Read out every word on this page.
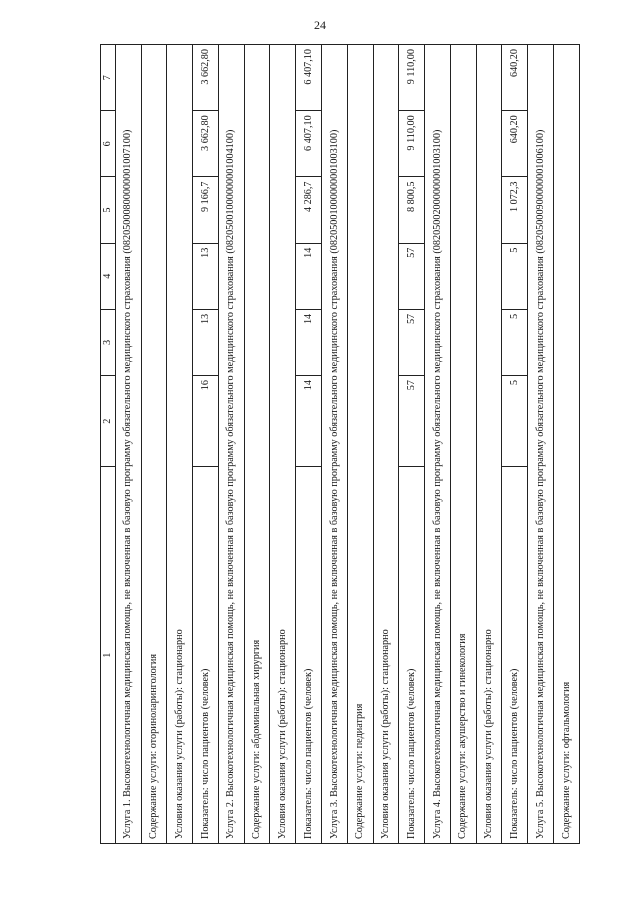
24
1	2	3	4	5	6	7
Услуга 1. Высокотехнологичная медицинская помощь, не включенная в базовую программу обязательного медицинского страхования (08205000800000001007100)						
Содержание услуги: оториноларингология						
Условия оказания услуги (работы): стационарно						
Показатель: число пациентов (человек)	16	13	13	9 166,7	3 662,80	3 662,80
Услуга 2. Высокотехнологичная медицинская помощь, не включенная в базовую программу обязательного медицинского страхования (08205001000000001004100)						
Содержание услуги: абдоминальная хирургия						
Условия оказания услуги (работы): стационарно						
Показатель: число пациентов (человек)	14	14	14	4 286,7	6 407,10	6 407,10
Услуга 3. Высокотехнологичная медицинская помощь, не включенная в базовую программу обязательного медицинского страхования (08205001000000001003100)						
Содержание услуги: педиатрия						
Условия оказания услуги (работы): стационарно						
Показатель: число пациентов (человек)	57	57	57	8 800,5	9 110,00	9 110,00
Услуга 4. Высокотехнологичная медицинская помощь, не включенная в базовую программу обязательного медицинского страхования (08205002000000001003100)						
Содержание услуги: акушерство и гинекология						
Условия оказания услуги (работы): стационарно						
Показатель: число пациентов (человек)	5	5	5	1 072,3	640,20	640,20
Услуга 5. Высокотехнологичная медицинская помощь, не включенная в базовую программу обязательного медицинского страхования (08205000900000001006100)						
Содержание услуги: офтальмология						
